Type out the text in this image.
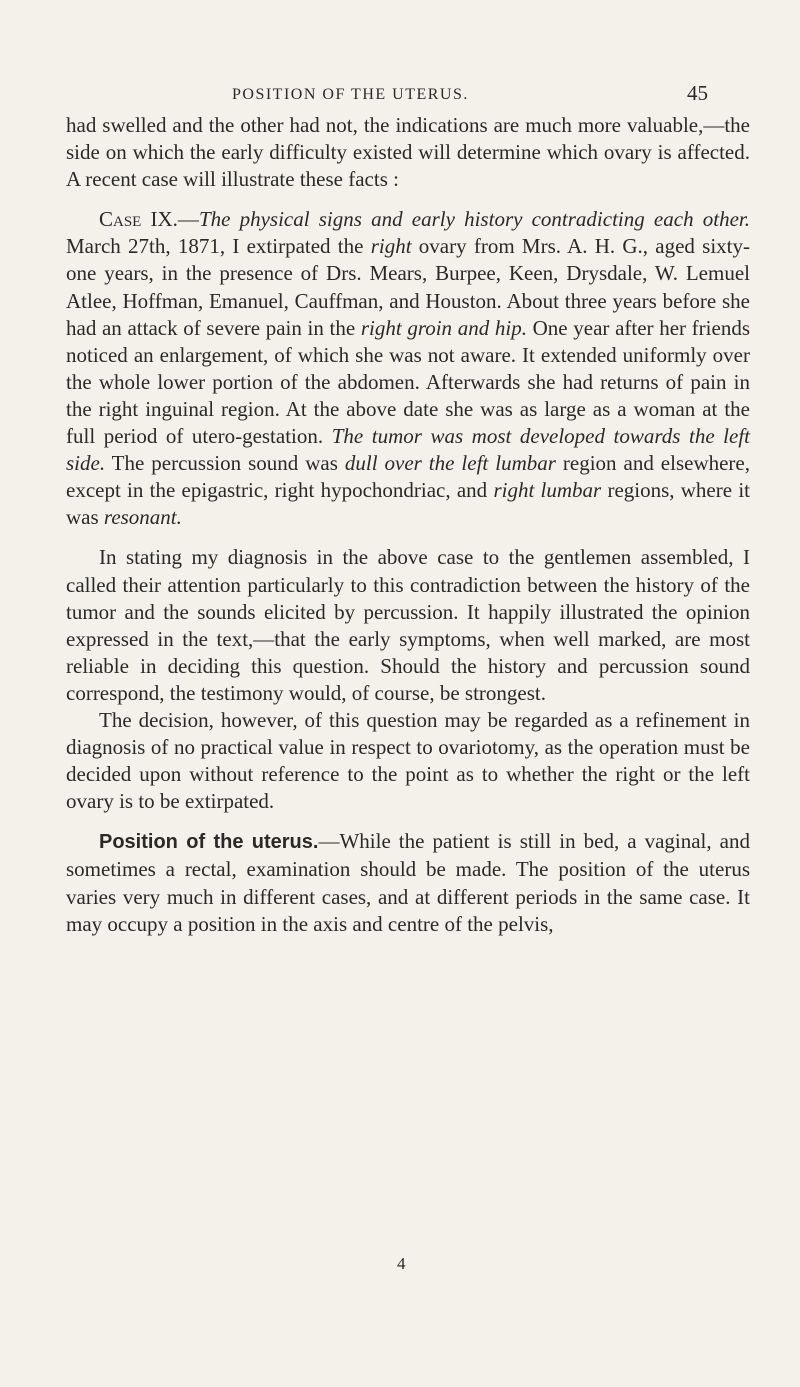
POSITION OF THE UTERUS.	45

had swelled and the other had not, the indications are much more valuable,—the side on which the early difficulty existed will determine which ovary is affected. A recent case will illustrate these facts :

Case IX.—The physical signs and early history contradicting each other. March 27th, 1871, I extirpated the right ovary from Mrs. A. H. G., aged sixty-one years, in the presence of Drs. Mears, Burpee, Keen, Drysdale, W. Lemuel Atlee, Hoffman, Emanuel, Cauffman, and Houston. About three years before she had an attack of severe pain in the right groin and hip. One year after her friends noticed an enlargement, of which she was not aware. It extended uniformly over the whole lower portion of the abdomen. Afterwards she had returns of pain in the right inguinal region. At the above date she was as large as a woman at the full period of utero-gestation. The tumor was most developed towards the left side. The percussion sound was dull over the left lumbar region and elsewhere, except in the epigastric, right hypochondriac, and right lumbar regions, where it was resonant.

In stating my diagnosis in the above case to the gentlemen assembled, I called their attention particularly to this contradiction between the history of the tumor and the sounds elicited by percussion. It happily illustrated the opinion expressed in the text,—that the early symptoms, when well marked, are most reliable in deciding this question. Should the history and percussion sound correspond, the testimony would, of course, be strongest.

The decision, however, of this question may be regarded as a refinement in diagnosis of no practical value in respect to ovariotomy, as the operation must be decided upon without reference to the point as to whether the right or the left ovary is to be extirpated.

Position of the uterus.—While the patient is still in bed, a vaginal, and sometimes a rectal, examination should be made. The position of the uterus varies very much in different cases, and at different periods in the same case. It may occupy a position in the axis and centre of the pelvis,

4
